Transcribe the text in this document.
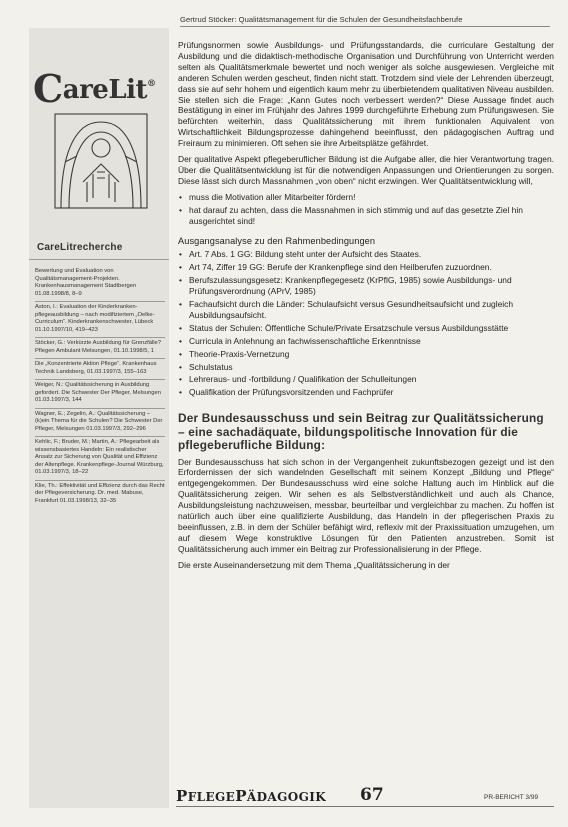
Gertrud Stöcker: Qualitätsmanagement für die Schulen der Gesundheitsfachberufe
CareLit®
CareLitrecherche
Bewertung und Evaluation von Qualitätsmanagement-Projekten. Krankenhausmanagement Stadtbergen 01.08.1998/8, 8–9
Aston, I.: Evaluation der Kinderkranken-pflegeausbildung – nach modifiziertem „Oelke-Curriculum“. Kinderkrankenschwester, Lübeck 01.10.1997/10, 419–423
Stöcker, G.: Verkürzte Ausbildung für Grenzfälle? Pflegen Ambulant Melsungen, 01.10.1998/5, 1
Die „Konzentrierte Aktion Pflege“. Krankenhaus Technik Landsberg, 01.03.1997/3, 155–163
Weiger, N.: Qualitätssicherung in Ausbildung gefordert. Die Schwester Der Pfleger, Melsungen 01.03.1997/3, 144
Wagner, E.; Zegelin, A.: Qualitätssicherung – (k)ein Thema für die Schulen? Die Schwester Der Pfleger, Melsungen 01.03.1997/3, 292–296
Kehlic, F.; Bruder, M.; Martin, A.: Pflegearbeit als wissensbasiertes Handeln: Ein realistischer Ansatz zur Sicherung von Qualität und Effizienz der Altenpflege. Krankenpflege-Journal Würzburg, 01.03.1997/3, 18–22
Klie, Th.: Effektivität und Effizienz durch das Recht der Pflegeversicherung. Dr. med. Mabuse, Frankfurt 01.03.1998/13, 32–35

Prüfungsnormen sowie Ausbildungs- und Prüfungsstandards, die curriculare Gestaltung der Ausbildung und die didaktisch-methodische Organisation und Durchführung von Unterricht werden selten als Qualitätsmerkmale bewertet und noch weniger als solche ausgewiesen. Vergleiche mit anderen Schulen werden gescheut, finden nicht statt. Trotzdem sind viele der Lehrenden überzeugt, dass sie auf sehr hohem und eigentlich kaum mehr zu überbietendem qualitativen Niveau ausbilden. Sie stellen sich die Frage: „Kann Gutes noch verbessert werden?“ Diese Aussage findet auch Bestätigung in einer im Frühjahr des Jahres 1999 durchgeführte Erhebung zum Prüfungswesen. Sie befürchten weiterhin, dass Qualitätssicherung mit ihrem funktionalen Aquivalent von Wirtschaftlichkeit Bildungsprozesse dahingehend beeinflusst, den pädagogischen Auftrag und Freiraum zu minimieren. Oft sehen sie ihre Arbeitsplätze gefährdet.

Der qualitative Aspekt pflegeberuflicher Bildung ist die Aufgabe aller, die hier Verantwortung tragen. Über die Qualitätsentwicklung ist für die notwendigen Anpassungen und Orientierungen zu sorgen. Diese lässt sich durch Massnahmen „von oben“ nicht erzwingen. Wer Qualitätsentwicklung will,

• muss die Motivation aller Mitarbeiter fördern!
• hat darauf zu achten, dass die Massnahmen in sich stimmig und auf das gesetzte Ziel hin ausgerichtet sind!
Ausgangsanalyse zu den Rahmenbedingungen
• Art. 7 Abs. 1 GG: Bildung steht unter der Aufsicht des Staates.
• Art 74, Ziffer 19 GG: Berufe der Krankenpflege sind den Heilberufen zuzuordnen.
• Berufszulassungsgesetz: Krankenpflegegesetz (KrPflG, 1985) sowie Ausbildungs- und Prüfungsverordnung (APrV, 1985)
• Fachaufsicht durch die Länder: Schulaufsicht versus Gesundheitsaufsicht und zugleich Ausbildungsaufsicht.
• Status der Schulen: Öffentliche Schule/Private Ersatzschule versus Ausbildungsstätte
• Curricula in Anlehnung an fachwissenschaftliche Erkenntnisse
• Theorie-Praxis-Vernetzung
• Schulstatus
• Lehreraus- und -fortbildung / Qualifikation der Schulleitungen
• Qualifikation der Prüfungsvorsitzenden und Fachprüfer
Der Bundesausschuss und sein Beitrag zur Qualitätssicherung – eine sachadäquate, bildungspolitische Innovation für die pflegeberufliche Bildung:

Der Bundesausschuss hat sich schon in der Vergangenheit zukunftsbezogen gezeigt und ist den Erfordernissen der sich wandelnden Gesellschaft mit seinem Konzept „Bildung und Pflege“ entgegengekommen. Der Bundesausschuss wird eine solche Haltung auch im Hinblick auf die Qualitätssicherung zeigen. Wir sehen es als Selbstverständlichkeit und auch als Chance, Ausbildungsleistung nachzuweisen, messbar, beurteilbar und vergleichbar zu machen. Zu hoffen ist natürlich auch über eine qualifizierte Ausbildung, das Handeln in der pflegerischen Praxis zu beeinflussen, z.B. in dem der Schüler befähigt wird, reflexiv mit der Praxissituation umzugehen, um auf diesem Wege konstruktive Lösungen für den Patienten anzustreben. Somit ist Qualitätssicherung auch immer ein Beitrag zur Professionalisierung in der Pflege.

Die erste Auseinandersetzung mit dem Thema „Qualitätssicherung in der

PFLEGEPÄDAGOGIK 67	PR-BERICHT 3/99
